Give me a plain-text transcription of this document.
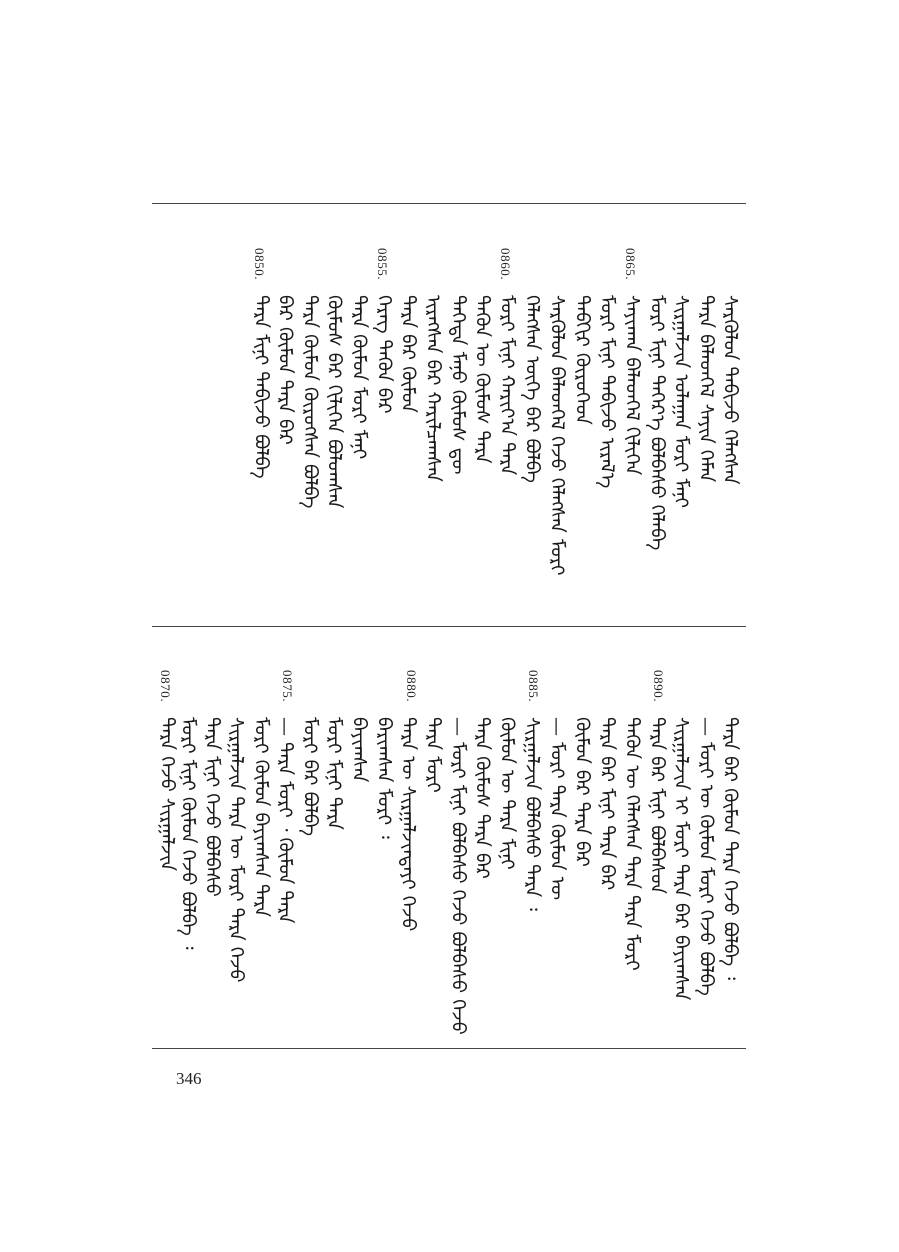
0865.
0860.
0855.
0850.
ᠰᠡᠷᠭᠦᠯᠦᠨ ᠲᠠᠪᠢᠵᠤ ᠬᠡᠯᠡᠭᠰᠡᠨ
ᠲᠡᠷᠡ ᠪᠡᠯᠡᠳᠬᠡᠯ ᠰᠠᠶᠢᠨ ᠬᠡᠮᠡᠨ
ᠰᠢᠷᠭᠠᠯᠵᠢᠨ ᠤᠯᠠᠭᠠᠨ ᠮᠣᠷᠢ ᠮᠠᠨᠢ
ᠮᠣᠷᠢ ᠮᠢᠨᠢ ᠳᠡᠭᠡᠷ᠎ᠡ ᠪᠣᠯᠪᠠᠰᠤ ᠬᠡᠯᠡᠪᠡ
ᠰᠠᠶᠢᠬᠠᠨ ᠪᠡᠯᠡᠳᠬᠡᠯ ᠬᠢᠯᠢᠭᠡᠨ
ᠮᠣᠷᠢ ᠮᠢᠨᠢ ᠲᠠᠪᠢᠵᠤ ᠢᠷᠡᠯ᠎ᠡ
ᠳᠠᠪᠬᠢᠷ ᠬᠦᠷᠦᠭᠡᠳ
ᠰᠡᠷᠭᠦᠯᠦᠨ ᠪᠡᠯᠡᠳᠬᠡᠯ ᠭᠡᠵᠦ ᠬᠡᠯᠡᠭᠰᠡᠨ ᠮᠣᠷᠢ
ᠬᠡᠯᠡᠭᠰᠡᠨ ᠦᠭᠡ ᠪᠠᠷ ᠪᠣᠯᠪᠠ
ᠮᠣᠷᠢ ᠮᠢᠨᠢ ᠬᠠᠷᠢᠶ᠎ᠠ ᠲᠡᠷᠡ
ᠲᠡᠭᠦᠨ ᠦ ᠬᠦᠮᠦᠰ ᠲᠡᠷᠡ
ᠲᠡᠭᠡᠳᠡ ᠮᠠᠨᠤ ᠬᠦᠮᠦᠰ ᠳᠦ
ᠢᠷᠡᠭᠰᠡᠨ ᠪᠠᠷ ᠬᠠᠷᠢᠯᠴᠠᠭᠰᠠᠨ
ᠲᠡᠷᠡ ᠪᠡᠷ ᠬᠦᠮᠦᠨ
ᠬᠡᠷᠡᠭ ᠲᠡᠭᠦᠨ ᠪᠠᠷ
ᠲᠡᠷᠡ ᠬᠦᠮᠦᠨ ᠮᠣᠷᠢ ᠮᠠᠨᠢ
ᠬᠦᠮᠦᠰ ᠪᠠᠷ ᠬᠢᠯᠢᠭᠡᠨ ᠪᠣᠯᠤᠭᠰᠠᠨ
ᠲᠡᠷᠡ ᠬᠦᠮᠦᠨ ᠬᠦᠷᠦᠭᠰᠡᠨ ᠪᠣᠯᠪᠠ
ᠪᠠᠷ ᠬᠦᠮᠦᠨ ᠲᠡᠷᠡ ᠪᠡᠷ
ᠲᠡᠷᠡ ᠮᠢᠨᠢ ᠲᠠᠪᠢᠵᠤ ᠪᠣᠯᠪᠠ
0890.
0885.
0880.
0875.
0870.
ᠲᠡᠷᠡ ᠪᠡᠷ ᠬᠦᠮᠦᠨ ᠲᠡᠷᠡ ᠭᠡᠵᠦ ᠪᠣᠯᠪᠠ ᠄
— ᠮᠣᠷᠢ ᠦ ᠬᠦᠮᠦᠨ ᠮᠣᠷᠢ ᠭᠡᠵᠦ ᠪᠣᠯᠪᠠ
ᠰᠢᠷᠭᠠᠯᠵᠢᠨ ᠢ ᠮᠣᠷᠢ ᠲᠡᠷᠡ ᠪᠡᠷ ᠪᠠᠶᠢᠭᠰᠠᠨ
ᠲᠡᠷᠡ ᠪᠡᠷ ᠮᠢᠨᠢ ᠪᠣᠯᠪᠠᠰᠤᠨ
ᠲᠡᠭᠦᠨ ᠦ ᠬᠡᠯᠡᠭᠰᠡᠨ ᠲᠡᠷᠡ ᠲᠡᠷᠡ ᠮᠣᠷᠢ
ᠲᠡᠷᠡ ᠪᠡᠷ ᠮᠢᠨᠢ ᠲᠡᠷᠡ ᠪᠡᠷ
ᠬᠦᠮᠦᠨ ᠪᠡᠷ ᠲᠡᠷᠡ ᠪᠠᠷ
— ᠮᠣᠷᠢ ᠲᠡᠷᠡ ᠬᠦᠮᠦᠨ ᠦ
ᠰᠢᠷᠭᠠᠯᠵᠢᠨ ᠪᠣᠯᠪᠠᠰᠤ ᠲᠡᠷᠡ ᠄
ᠬᠦᠮᠦᠨ ᠦ ᠲᠡᠷᠡ ᠮᠢᠨᠢ
ᠲᠡᠷᠡ ᠬᠦᠮᠦᠰ ᠲᠡᠷᠡ ᠪᠡᠷ
— ᠮᠣᠷᠢ ᠮᠢᠨᠢ ᠪᠣᠯᠪᠠᠰᠤ ᠭᠡᠵᠦ ᠪᠣᠯᠪᠠᠰᠤ ᠭᠡᠵᠦ
ᠲᠡᠷᠡ ᠮᠣᠷᠢ
ᠲᠡᠷᠡ ᠦ ᠰᠢᠷᠭᠠᠯᠵᠢᠨᠲᠠᠶᠢ ᠭᠡᠵᠦ
ᠪᠠᠷᠢᠭᠰᠠᠨ ᠮᠣᠷᠢ ᠄
ᠪᠠᠶᠢᠭᠰᠠᠨ
ᠮᠣᠷᠢ ᠮᠢᠨᠢ ᠲᠡᠷᠡ
ᠮᠣᠷᠢ ᠪᠡᠷ ᠪᠣᠯᠪᠠ
— ᠲᠡᠷᠡ ᠮᠣᠷᠢ ᠂ ᠬᠦᠮᠦᠨ ᠲᠡᠷᠡ
ᠮᠣᠷᠢ ᠬᠦᠮᠦᠨ ᠪᠠᠶᠢᠭᠰᠠᠨ ᠲᠡᠷᠡ
ᠰᠢᠷᠭᠠᠯᠵᠢᠨ ᠲᠡᠷᠡ ᠦ ᠮᠣᠷᠢ ᠲᠡᠷᠡ ᠭᠡᠵᠦ
ᠲᠡᠷᠡ ᠮᠢᠨᠢ ᠭᠡᠵᠦ ᠪᠣᠯᠪᠠᠰᠤ
ᠮᠣᠷᠢ ᠮᠢᠨᠢ ᠬᠦᠮᠦᠨ ᠭᠡᠵᠦ ᠪᠣᠯᠪᠠ ᠄
ᠲᠡᠷᠡ ᠭᠡᠵᠦ ᠰᠢᠷᠭᠠᠯᠵᠢᠨ
346
